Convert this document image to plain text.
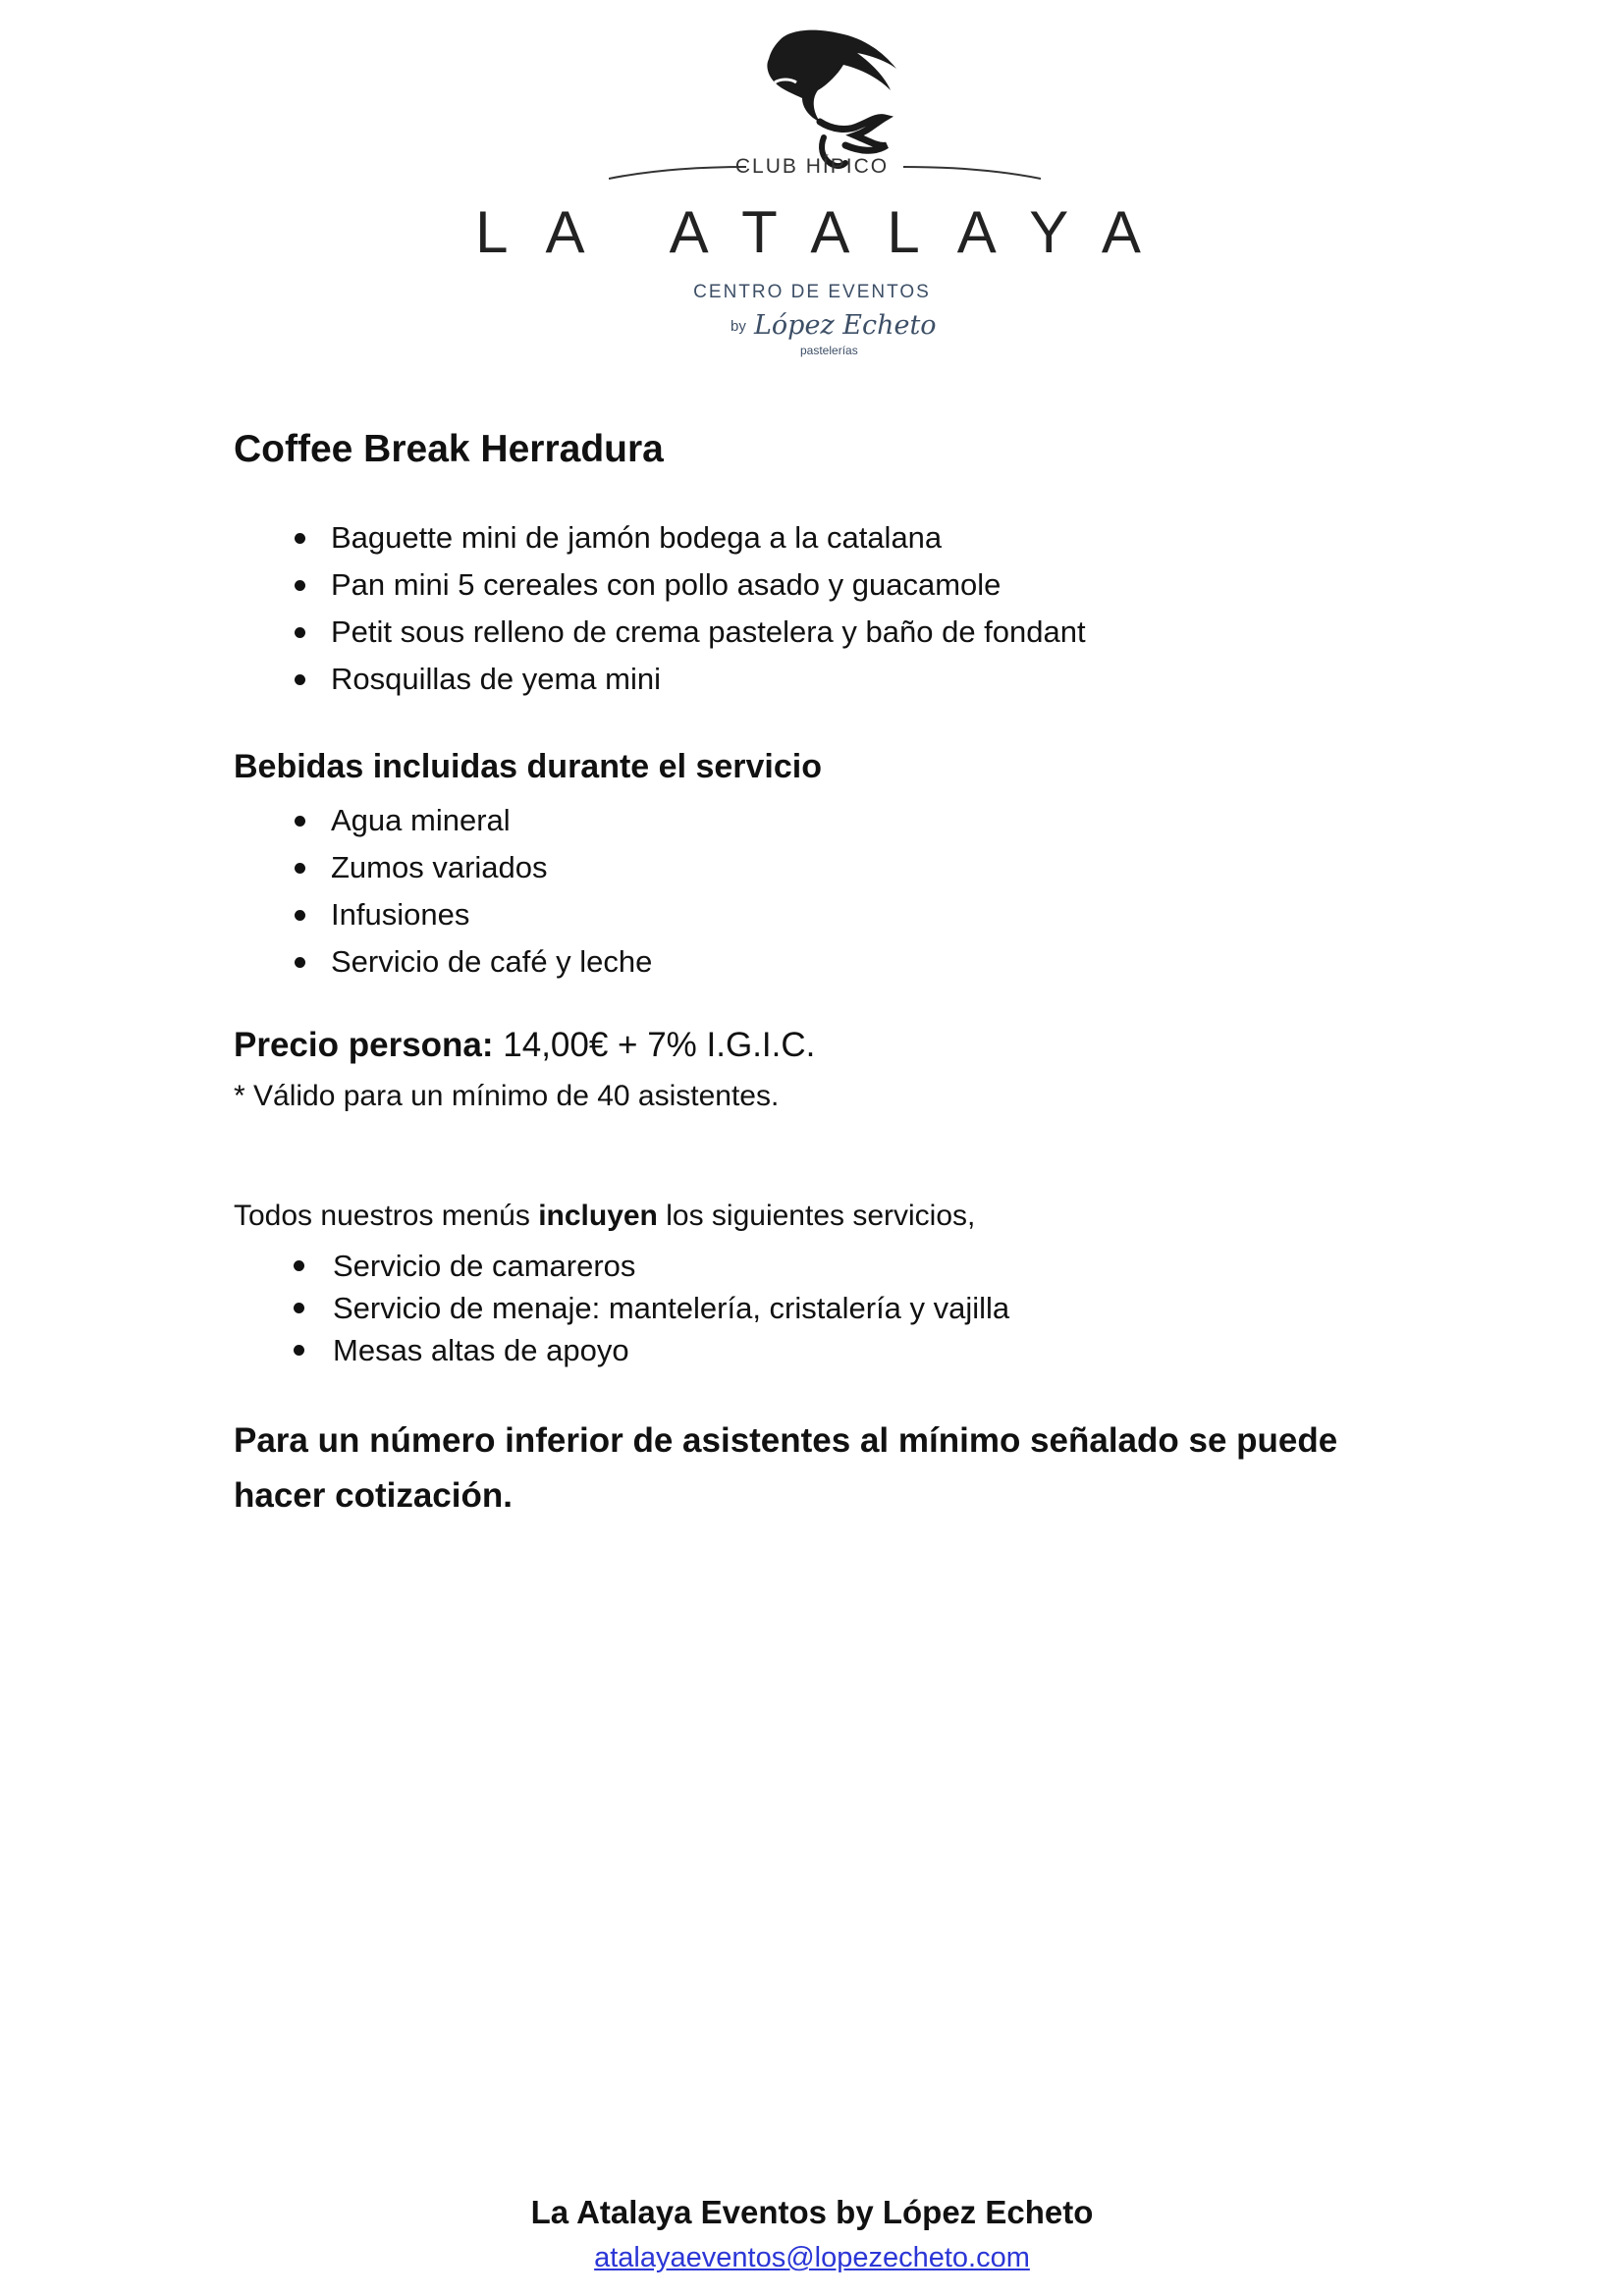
CLUB HÍPICO
LA ATALAYA
CENTRO DE EVENTOS
by López Echeto
pastelerías
Coffee Break Herradura
Baguette mini de jamón bodega a la catalana
Pan mini 5 cereales con pollo asado y guacamole
Petit sous relleno de crema pastelera y baño de fondant
Rosquillas de yema mini
Bebidas incluidas durante el servicio
Agua mineral
Zumos variados
Infusiones
Servicio de café y leche
Precio persona: 14,00€ + 7% I.G.I.C.
* Válido para un mínimo de 40 asistentes.
Todos nuestros menús incluyen los siguientes servicios,
Servicio de camareros
Servicio de menaje: mantelería, cristalería y vajilla
Mesas altas de apoyo
Para un número inferior de asistentes al mínimo señalado se puede hacer cotización.
La Atalaya Eventos by López Echeto
atalayaeventos@lopezecheto.com
